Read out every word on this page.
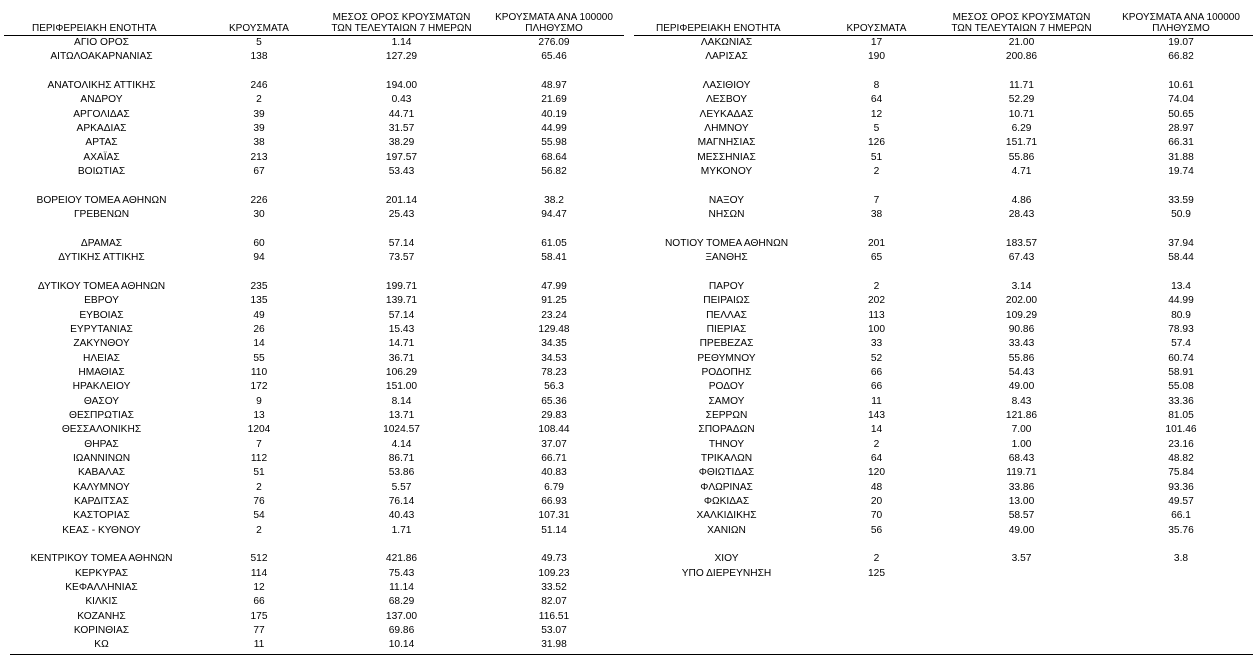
ΠΕΡΙΦΕΡΕΙΑΚΗ ΕΝΟΤΗΤΑ	ΚΡΟΥΣΜΑΤΑ	ΜΕΣΟΣ ΟΡΟΣ ΚΡΟΥΣΜΑΤΩΝ
ΤΩΝ ΤΕΛΕΥΤΑΙΩΝ 7 ΗΜΕΡΩΝ	ΚΡΟΥΣΜΑΤΑ ΑΝΑ 100000
ΠΛΗΘΥΣΜΟ
ΑΓΙΟ ΟΡΟΣ	5	1.14	276.09
ΑΙΤΩΛΟΑΚΑΡΝΑΝΙΑΣ	138	127.29	65.46

ΑΝΑΤΟΛΙΚΗΣ ΑΤΤΙΚΗΣ	246	194.00	48.97
ΑΝΔΡΟΥ	2	0.43	21.69
ΑΡΓΟΛΙΔΑΣ	39	44.71	40.19
ΑΡΚΑΔΙΑΣ	39	31.57	44.99
ΑΡΤΑΣ	38	38.29	55.98
ΑΧΑΪΑΣ	213	197.57	68.64
ΒΟΙΩΤΙΑΣ	67	53.43	56.82

ΒΟΡΕΙΟΥ ΤΟΜΕΑ ΑΘΗΝΩΝ	226	201.14	38.2
ΓΡΕΒΕΝΩΝ	30	25.43	94.47

ΔΡΑΜΑΣ	60	57.14	61.05
ΔΥΤΙΚΗΣ ΑΤΤΙΚΗΣ	94	73.57	58.41

ΔΥΤΙΚΟΥ ΤΟΜΕΑ ΑΘΗΝΩΝ	235	199.71	47.99
ΕΒΡΟΥ	135	139.71	91.25
ΕΥΒΟΙΑΣ	49	57.14	23.24
ΕΥΡΥΤΑΝΙΑΣ	26	15.43	129.48
ΖΑΚΥΝΘΟΥ	14	14.71	34.35
ΗΛΕΙΑΣ	55	36.71	34.53
ΗΜΑΘΙΑΣ	110	106.29	78.23
ΗΡΑΚΛΕΙΟΥ	172	151.00	56.3
ΘΑΣΟΥ	9	8.14	65.36
ΘΕΣΠΡΩΤΙΑΣ	13	13.71	29.83
ΘΕΣΣΑΛΟΝΙΚΗΣ	1204	1024.57	108.44
ΘΗΡΑΣ	7	4.14	37.07
ΙΩΑΝΝΙΝΩΝ	112	86.71	66.71
ΚΑΒΑΛΑΣ	51	53.86	40.83
ΚΑΛΥΜΝΟΥ	2	5.57	6.79
ΚΑΡΔΙΤΣΑΣ	76	76.14	66.93
ΚΑΣΤΟΡΙΑΣ	54	40.43	107.31
ΚΕΑΣ - ΚΥΘΝΟΥ	2	1.71	51.14

ΚΕΝΤΡΙΚΟΥ ΤΟΜΕΑ ΑΘΗΝΩΝ	512	421.86	49.73
ΚΕΡΚΥΡΑΣ	114	75.43	109.23
ΚΕΦΑΛΛΗΝΙΑΣ	12	11.14	33.52
ΚΙΛΚΙΣ	66	68.29	82.07
ΚΟΖΑΝΗΣ	175	137.00	116.51
ΚΟΡΙΝΘΙΑΣ	77	69.86	53.07
ΚΩ	11	10.14	31.98
ΠΕΡΙΦΕΡΕΙΑΚΗ ΕΝΟΤΗΤΑ	ΚΡΟΥΣΜΑΤΑ	ΜΕΣΟΣ ΟΡΟΣ ΚΡΟΥΣΜΑΤΩΝ
ΤΩΝ ΤΕΛΕΥΤΑΙΩΝ 7 ΗΜΕΡΩΝ	ΚΡΟΥΣΜΑΤΑ ΑΝΑ 100000
ΠΛΗΘΥΣΜΟ
ΛΑΚΩΝΙΑΣ	17	21.00	19.07
ΛΑΡΙΣΑΣ	190	200.86	66.82

ΛΑΣΙΘΙΟΥ	8	11.71	10.61
ΛΕΣΒΟΥ	64	52.29	74.04
ΛΕΥΚΑΔΑΣ	12	10.71	50.65
ΛΗΜΝΟΥ	5	6.29	28.97
ΜΑΓΝΗΣΙΑΣ	126	151.71	66.31
ΜΕΣΣΗΝΙΑΣ	51	55.86	31.88
ΜΥΚΟΝΟΥ	2	4.71	19.74

ΝΑΞΟΥ	7	4.86	33.59
ΝΗΣΩΝ	38	28.43	50.9

ΝΟΤΙΟΥ ΤΟΜΕΑ ΑΘΗΝΩΝ	201	183.57	37.94
ΞΑΝΘΗΣ	65	67.43	58.44

ΠΑΡΟΥ	2	3.14	13.4
ΠΕΙΡΑΙΩΣ	202	202.00	44.99
ΠΕΛΛΑΣ	113	109.29	80.9
ΠΙΕΡΙΑΣ	100	90.86	78.93
ΠΡΕΒΕΖΑΣ	33	33.43	57.4
ΡΕΘΥΜΝΟΥ	52	55.86	60.74
ΡΟΔΟΠΗΣ	66	54.43	58.91
ΡΟΔΟΥ	66	49.00	55.08
ΣΑΜΟΥ	11	8.43	33.36
ΣΕΡΡΩΝ	143	121.86	81.05
ΣΠΟΡΑΔΩΝ	14	7.00	101.46
ΤΗΝΟΥ	2	1.00	23.16
ΤΡΙΚΑΛΩΝ	64	68.43	48.82
ΦΘΙΩΤΙΔΑΣ	120	119.71	75.84
ΦΛΩΡΙΝΑΣ	48	33.86	93.36
ΦΩΚΙΔΑΣ	20	13.00	49.57
ΧΑΛΚΙΔΙΚΗΣ	70	58.57	66.1
ΧΑΝΙΩΝ	56	49.00	35.76

ΧΙΟΥ	2	3.57	3.8
ΥΠΟ ΔΙΕΡΕΥΝΗΣΗ	125		
